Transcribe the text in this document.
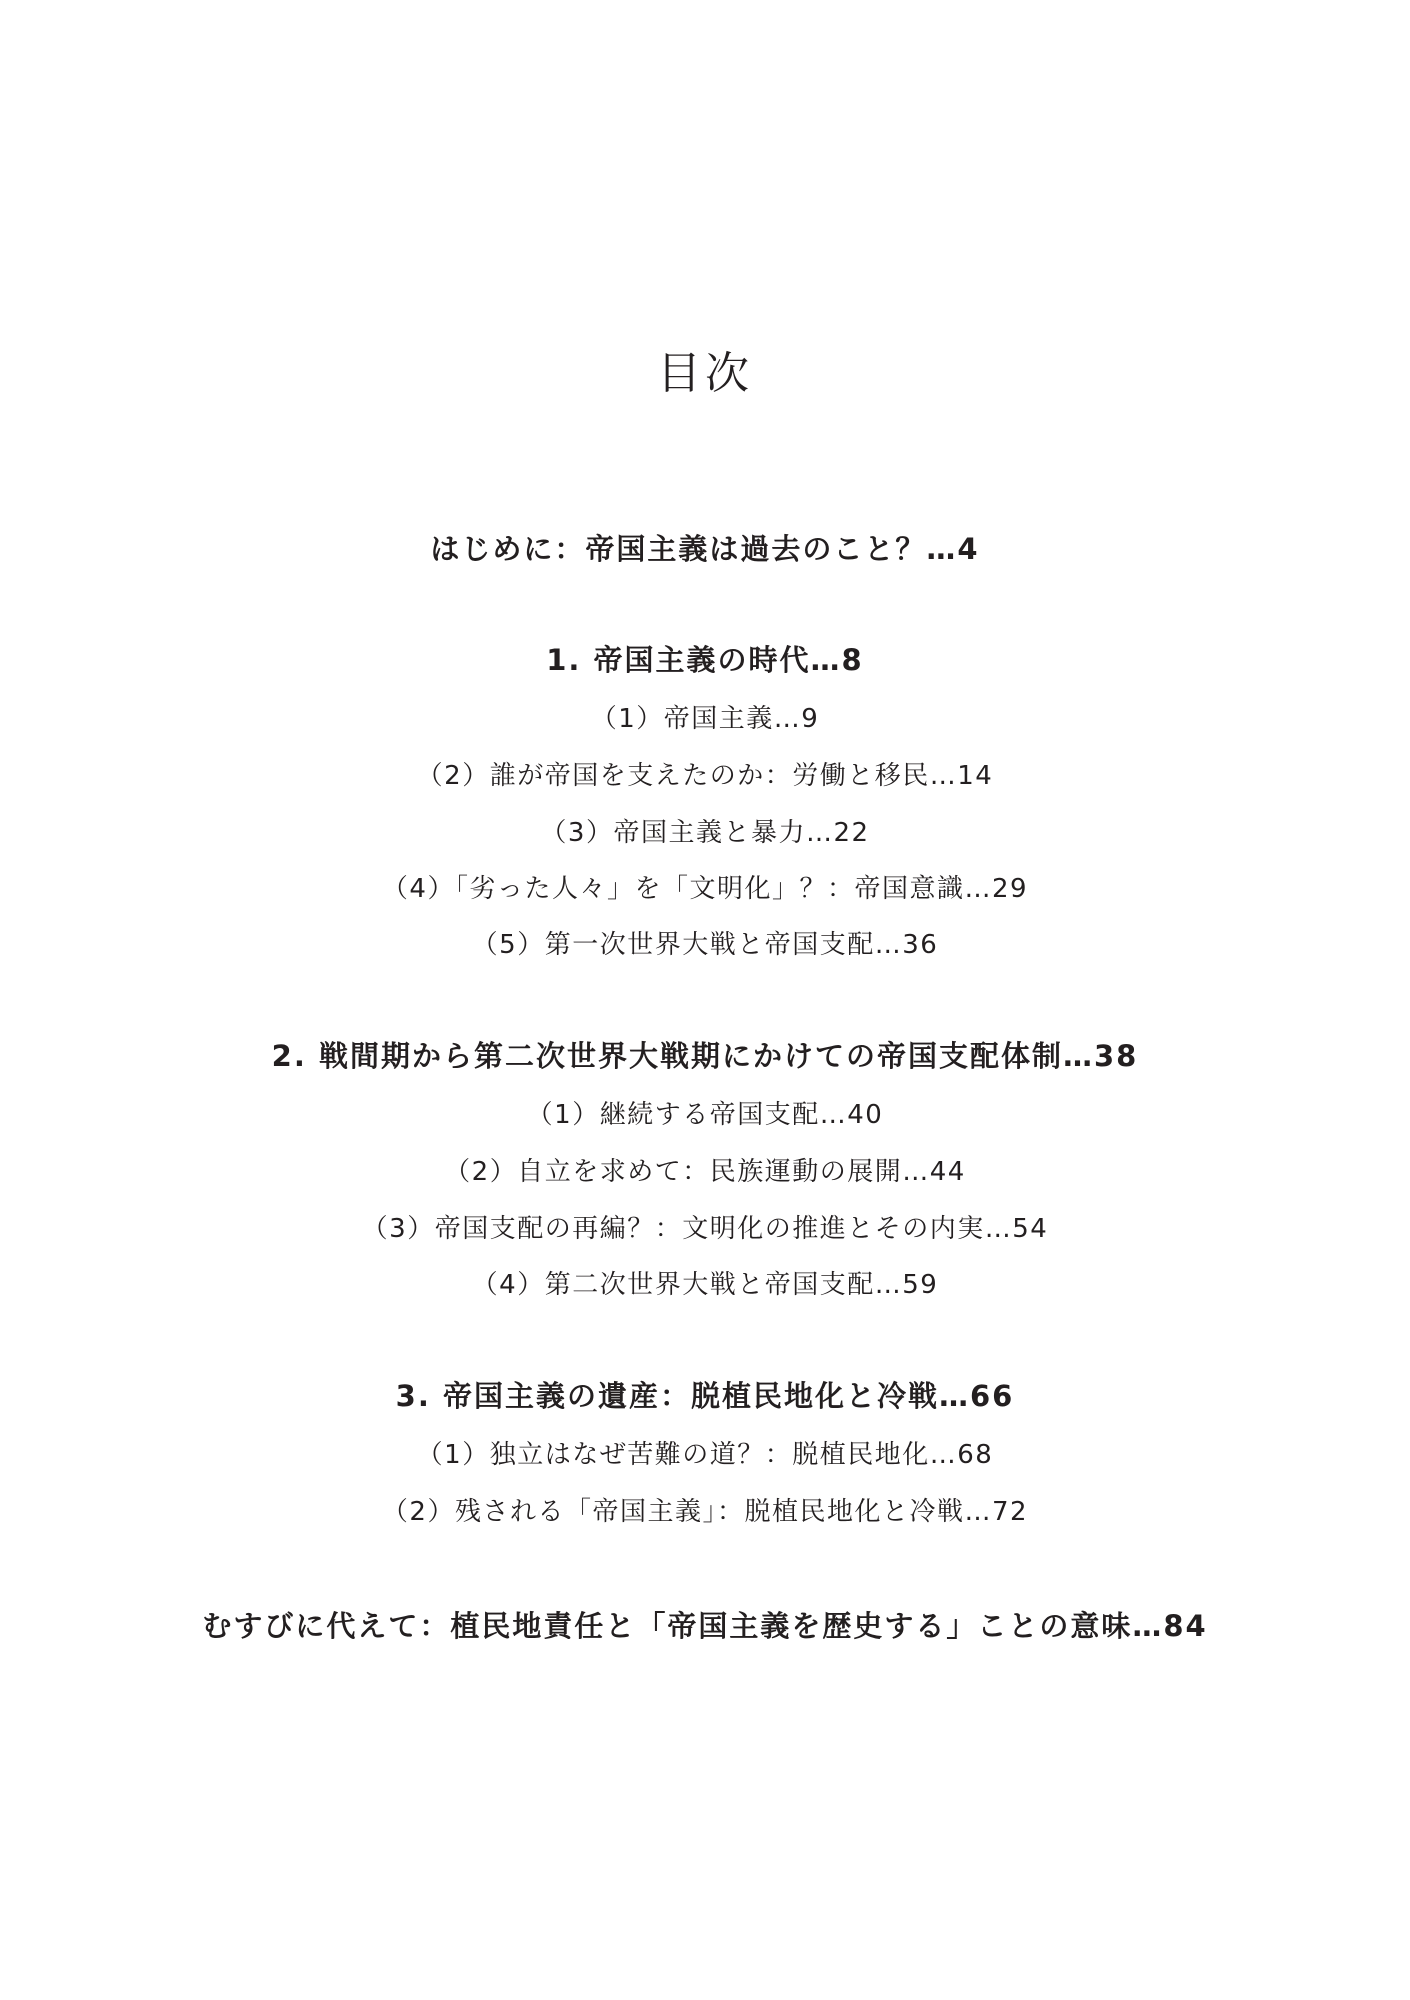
目次
はじめに：帝国主義は過去のこと？…4
1. 帝国主義の時代…8
（1）帝国主義…9
（2）誰が帝国を支えたのか：労働と移民…14
（3）帝国主義と暴力…22
（4）「劣った人々」を「文明化」？：帝国意識…29
（5）第一次世界大戦と帝国支配…36
2. 戦間期から第二次世界大戦期にかけての帝国支配体制…38
（1）継続する帝国支配…40
（2）自立を求めて：民族運動の展開…44
（3）帝国支配の再編？：文明化の推進とその内実…54
（4）第二次世界大戦と帝国支配…59
3. 帝国主義の遺産：脱植民地化と冷戦…66
（1）独立はなぜ苦難の道？：脱植民地化…68
（2）残される「帝国主義」：脱植民地化と冷戦…72
むすびに代えて：植民地責任と「帝国主義を歴史する」ことの意味…84
